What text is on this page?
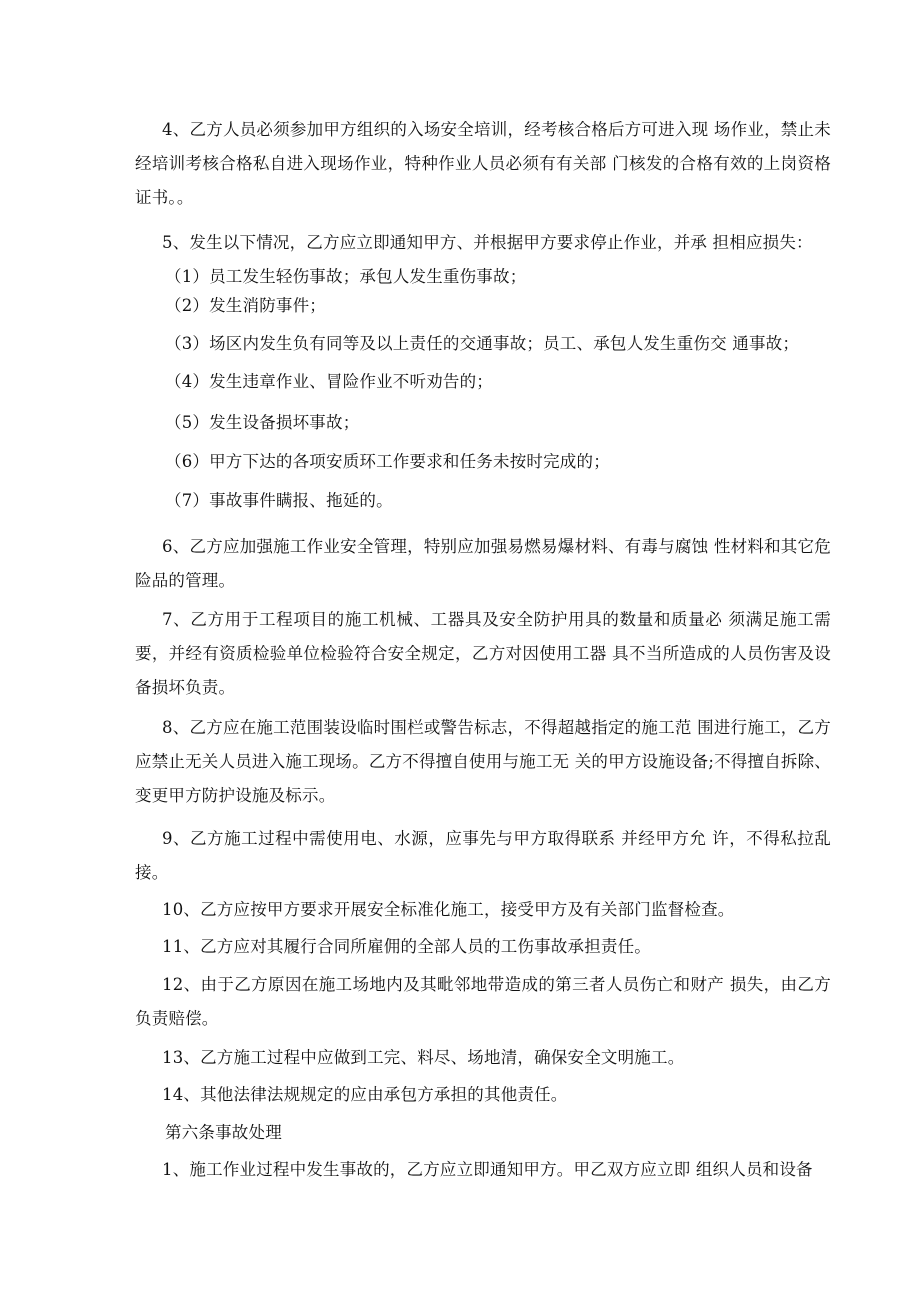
4、乙方人员必须参加甲方组织的入场安全培训，经考核合格后方可进入现 场作业，禁止未经培训考核合格私自进入现场作业，特种作业人员必须有有关部 门核发的合格有效的上岗资格证书。。
5、发生以下情况，乙方应立即通知甲方、并根据甲方要求停止作业，并承 担相应损失：
（1）员工发生轻伤事故；承包人发生重伤事故；
（2）发生消防事件；
（3）场区内发生负有同等及以上责任的交通事故；员工、承包人发生重伤交 通事故；
（4）发生违章作业、冒险作业不听劝告的；
（5）发生设备损坏事故；
（6）甲方下达的各项安质环工作要求和任务未按时完成的；
（7）事故事件瞒报、拖延的。
6、乙方应加强施工作业安全管理，特别应加强易燃易爆材料、有毒与腐蚀 性材料和其它危险品的管理。
7、乙方用于工程项目的施工机械、工器具及安全防护用具的数量和质量必 须满足施工需要，并经有资质检验单位检验符合安全规定，乙方对因使用工器 具不当所造成的人员伤害及设备损坏负责。
8、乙方应在施工范围装设临时围栏或警告标志，不得超越指定的施工范 围进行施工，乙方应禁止无关人员进入施工现场。乙方不得擅自使用与施工无 关的甲方设施设备;不得擅自拆除、变更甲方防护设施及标示。
9、乙方施工过程中需使用电、水源，应事先与甲方取得联系 并经甲方允 许，不得私拉乱接。
10、乙方应按甲方要求开展安全标准化施工，接受甲方及有关部门监督检查。
11、乙方应对其履行合同所雇佣的全部人员的工伤事故承担责任。
12、由于乙方原因在施工场地内及其毗邻地带造成的第三者人员伤亡和财产 损失，由乙方负责赔偿。
13、乙方施工过程中应做到工完、料尽、场地清，确保安全文明施工。
14、其他法律法规规定的应由承包方承担的其他责任。
第六条事故处理
1、施工作业过程中发生事故的，乙方应立即通知甲方。甲乙双方应立即 组织人员和设备
